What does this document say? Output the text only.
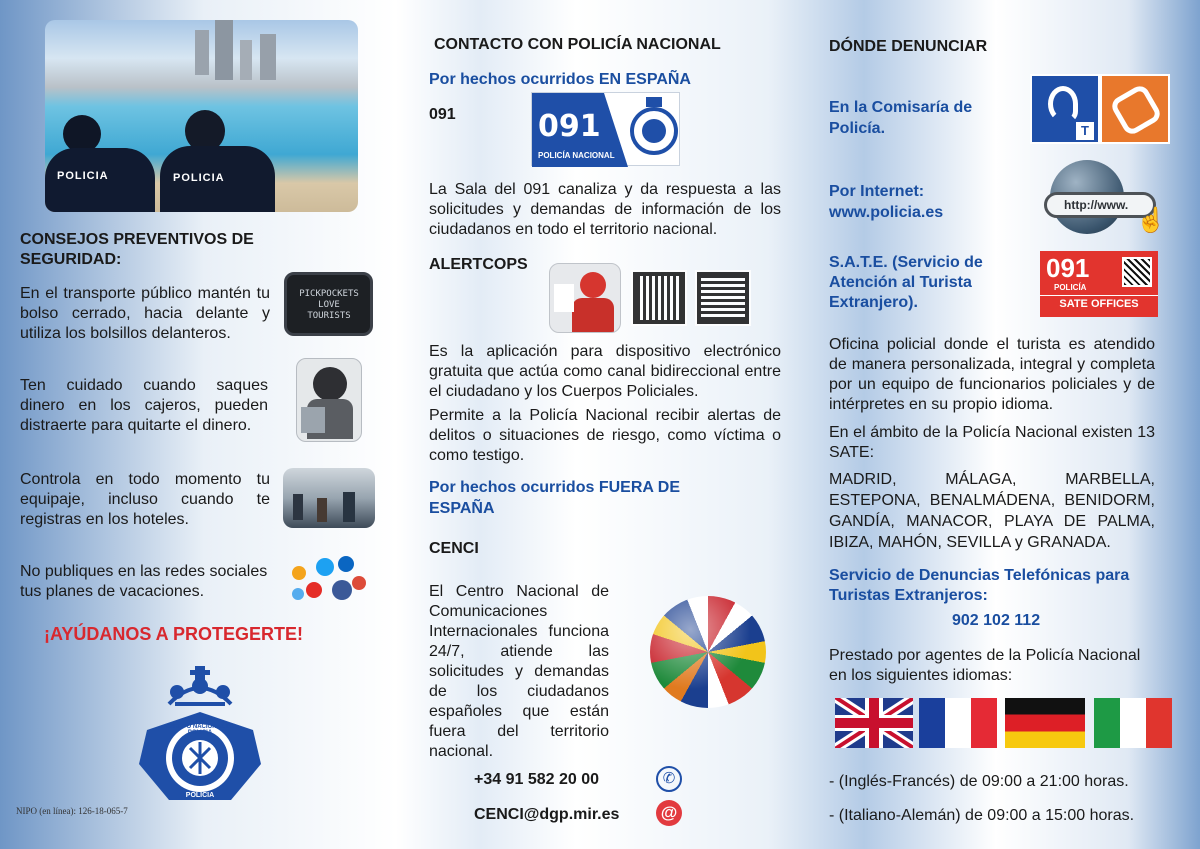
POLICIA	POLICIA
CONSEJOS PREVENTIVOS DE SEGURIDAD:
En el transporte público mantén tu bolso cerrado, hacia delante y utiliza los bolsillos delanteros.
PICKPOCKETS LOVE TOURISTS
Ten cuidado cuando saques dinero en los cajeros, pueden distraerte para quitarte el dinero.
Controla en todo momento tu equipaje, incluso cuando te registras en los hoteles.
No publiques en las redes sociales tus planes de vacaciones.
¡AYÚDANOS A PROTEGERTE!
CUERPO NACIONAL DE POLICIA
POLICIA
NIPO (en línea): 126-18-065-7
CONTACTO CON POLICÍA NACIONAL
Por hechos ocurridos EN ESPAÑA
091	091
POLICÍA NACIONAL
La Sala del 091 canaliza y da respuesta a las solicitudes y demandas de información de los ciudadanos en todo el territorio nacional.
ALERTCOPS
Es la aplicación para dispositivo electrónico gratuita que actúa como canal bidireccional entre el ciudadano y los Cuerpos Policiales.
Permite a la Policía Nacional recibir alertas de delitos o situaciones de riesgo, como víctima o como testigo.
Por hechos ocurridos FUERA DE ESPAÑA
CENCI
El Centro Nacional de Comunicaciones Internacionales funciona 24/7, atiende las solicitudes y demandas de los ciudadanos españoles que están fuera del territorio nacional.
+34 91 582 20 00	✆
CENCI@dgp.mir.es @
DÓNDE DENUNCIAR
En la Comisaría de Policía.	T
Por Internet:
www.policia.es	http://www.
☝
S.A.T.E. (Servicio de Atención al Turista Extranjero).
091
POLICÍA
SATE OFFICES
Oficina policial donde el turista es atendido de manera personalizada, integral y completa por un equipo de funcionarios policiales y de intérpretes en su propio idioma.
En el ámbito de la Policía Nacional existen 13 SATE:
MADRID, MÁLAGA, MARBELLA, ESTEPONA, BENALMÁDENA, BENIDORM, GANDÍA, MANACOR, PLAYA DE PALMA, IBIZA, MAHÓN, SEVILLA y GRANADA.
Servicio de Denuncias Telefónicas para Turistas Extranjeros:
902 102 112
Prestado por agentes de la Policía Nacional en los siguientes idiomas:
- (Inglés-Francés) de 09:00 a 21:00 horas.
- (Italiano-Alemán) de 09:00 a 15:00 horas.
